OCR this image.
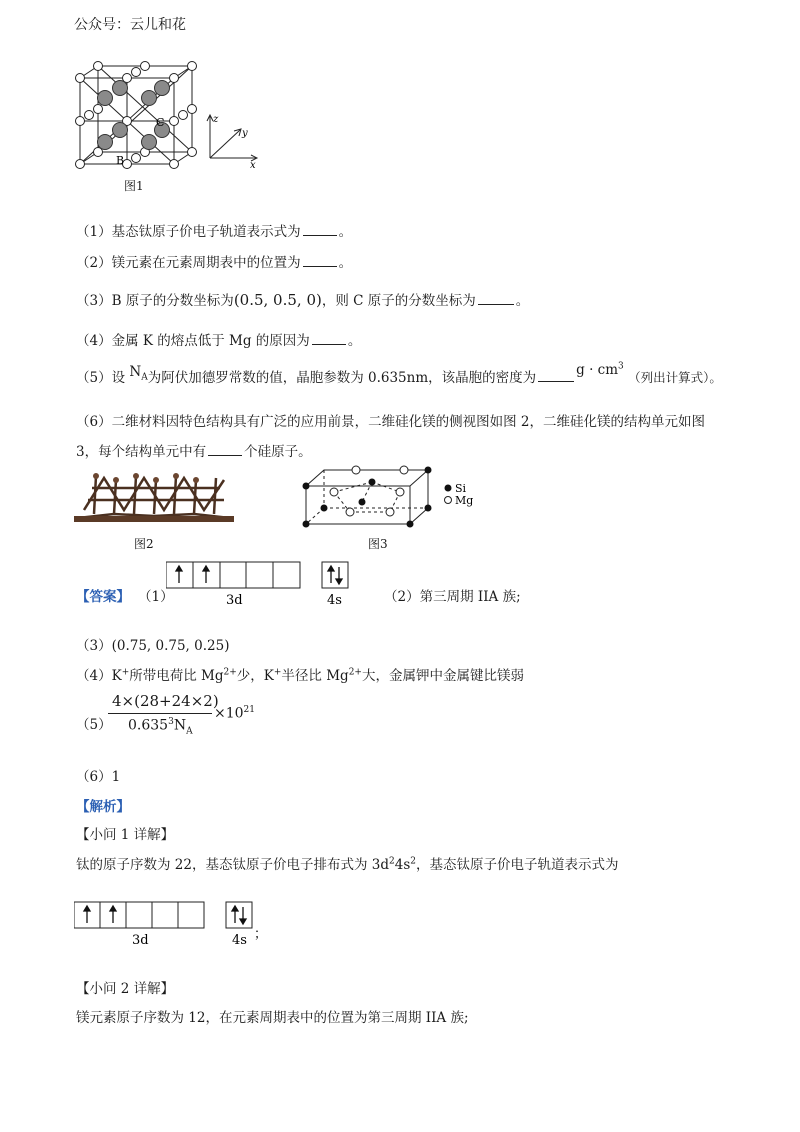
公众号：云儿和花
B
C	z
y
x
图1
（1）基态钛原子价电子轨道表示式为	。
（2）镁元素在元素周期表中的位置为	。
（3）B 原子的分数坐标为(0.5, 0.5, 0)，则 C 原子的分数坐标为	。
（4）金属 K 的熔点低于 Mg 的原因为	。
（5）设 $N_A$为阿伏加德罗常数的值，晶胞参数为 0.635nm，该晶胞的密度为	$g \cdot cm^3$ （列出计算式）。
（6）二维材料因特色结构具有广泛的应用前景，二维硅化镁的侧视图如图 2，二维硅化镁的结构单元如图
3，每个结构单元中有	个硅原子。
图2
Si
Mg
图3
【答案】 （1）	3d	4s	（2）第三周期 IIA 族;
（3）(0.75, 0.75, 0.25)
（4）K+所带电荷比 $Mg^{2+}$少，K+半径比 $Mg^{2+}$大，金属钾中金属键比镁弱
（5）
4×(28+24×2)
$0.635^3N_A$
$\times 10^{21}$
（6）1
【解析】
【小问 1 详解】
钛的原子序数为 22，基态钛原子价电子排布式为 $3d^24s^2$，基态钛原子价电子轨道表示式为
3d	4s ；
【小问 2 详解】
镁元素原子序数为 12，在元素周期表中的位置为第三周期 IIA 族;
